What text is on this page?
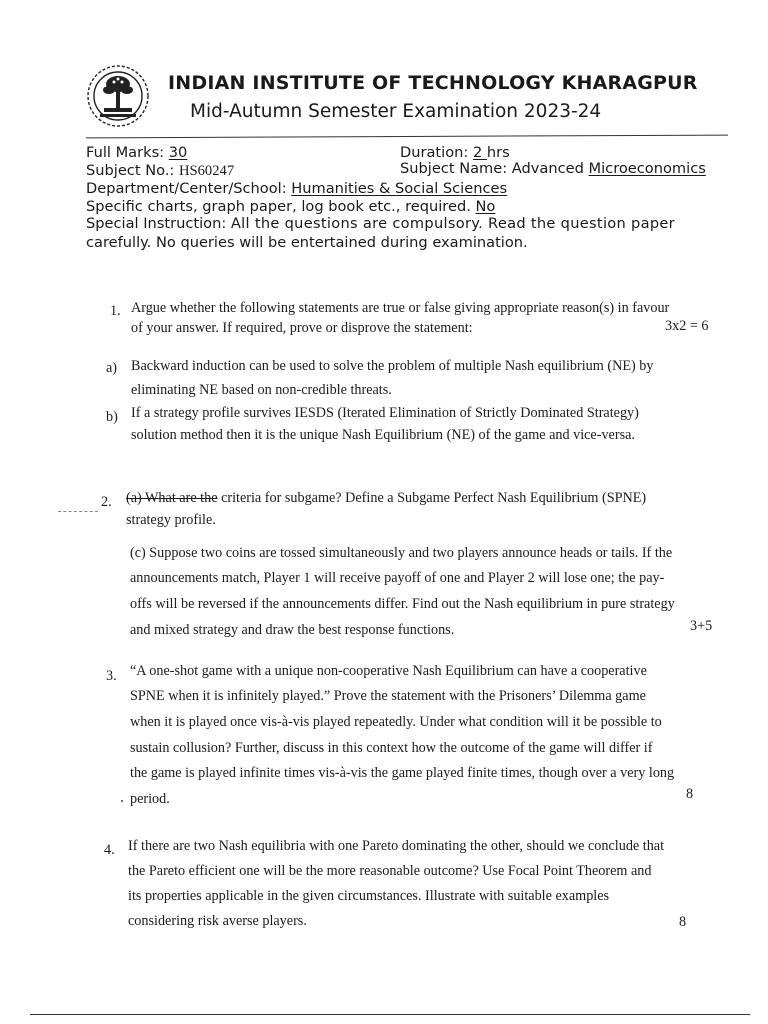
INDIAN INSTITUTE OF TECHNOLOGY KHARAGPUR
Mid-Autumn Semester Examination 2023-24
Full Marks: 30	Duration: 2 hrs
Subject No.: HS60247	Subject Name: Advanced Microeconomics
Department/Center/School: Humanities & Social Sciences
Specific charts, graph paper, log book etc., required. No
Special Instruction: All the questions are compulsory. Read the question paper
carefully. No queries will be entertained during examination.
1. Argue whether the following statements are true or false giving appropriate reason(s) in favour
of your answer. If required, prove or disprove the statement:	3x2 = 6
a) Backward induction can be used to solve the problem of multiple Nash equilibrium (NE) by
eliminating NE based on non-credible threats.
b) If a strategy profile survives IESDS (Iterated Elimination of Strictly Dominated Strategy)
solution method then it is the unique Nash Equilibrium (NE) of the game and vice-versa.
2. (a) What are the criteria for subgame? Define a Subgame Perfect Nash Equilibrium (SPNE)
strategy profile.
(c) Suppose two coins are tossed simultaneously and two players announce heads or tails. If the
announcements match, Player 1 will receive payoff of one and Player 2 will lose one; the pay-
offs will be reversed if the announcements differ. Find out the Nash equilibrium in pure strategy
and mixed strategy and draw the best response functions.	3+5
3. “A one-shot game with a unique non-cooperative Nash Equilibrium can have a cooperative
SPNE when it is infinitely played.” Prove the statement with the Prisoners’ Dilemma game
when it is played once vis-à-vis played repeatedly. Under what condition will it be possible to
sustain collusion? Further, discuss in this context how the outcome of the game will differ if
the game is played infinite times vis-à-vis the game played finite times, though over a very long
period.	8
4. If there are two Nash equilibria with one Pareto dominating the other, should we conclude that
the Pareto efficient one will be the more reasonable outcome? Use Focal Point Theorem and
its properties applicable in the given circumstances. Illustrate with suitable examples
considering risk averse players.	8
